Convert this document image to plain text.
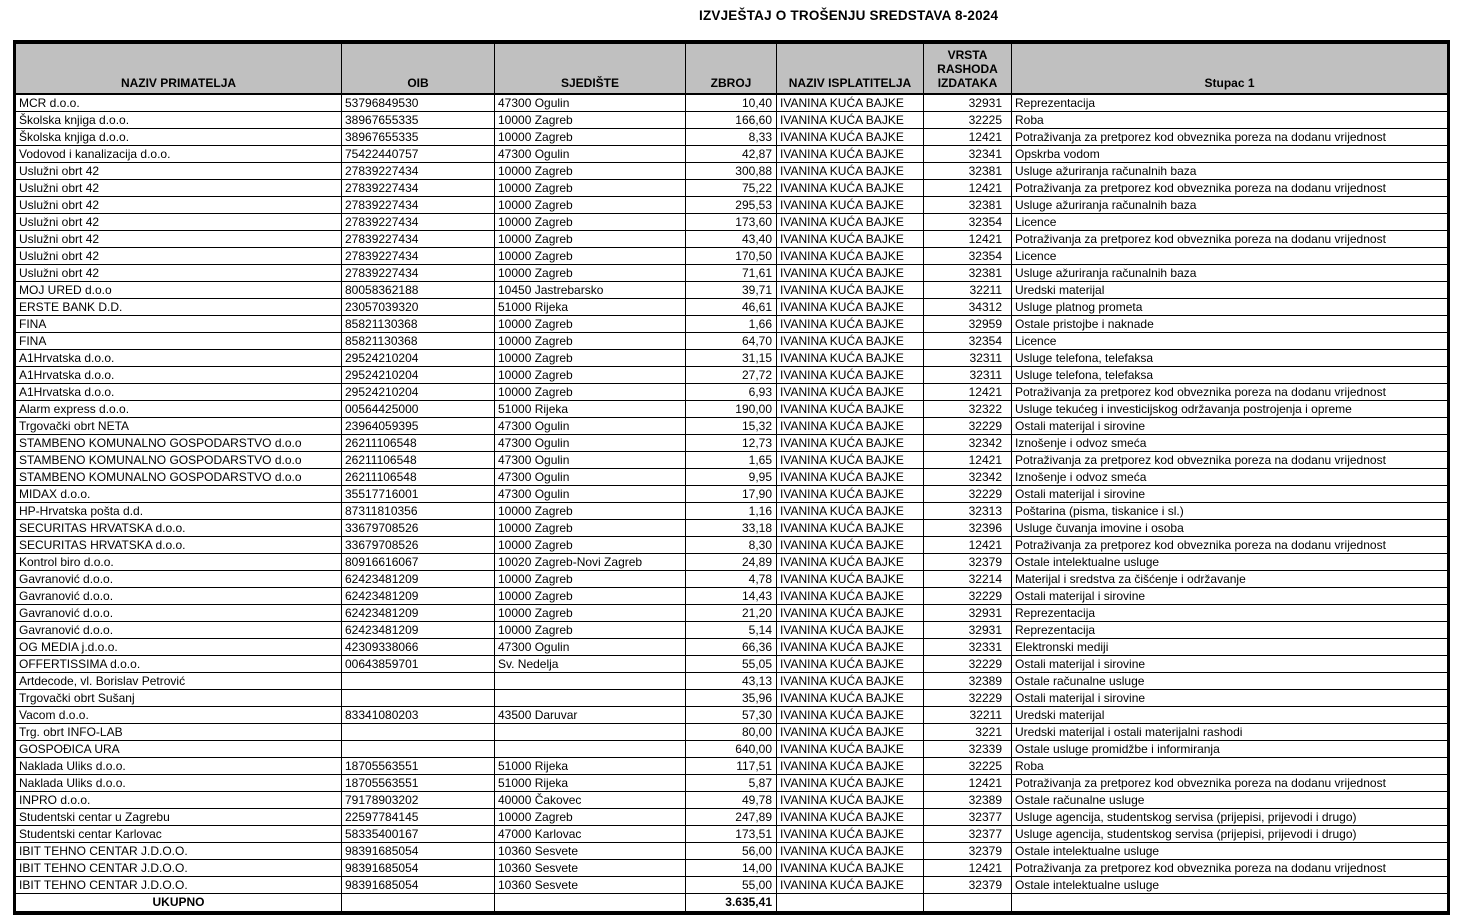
IZVJEŠTAJ O TROŠENJU SREDSTAVA 8-2024
NAZIV PRIMATELJA	OIB	SJEDIŠTE	ZBROJ	NAZIV ISPLATITELJA	VRSTA RASHODA IZDATAKA	Stupac 1
MCR d.o.o.	53796849530	47300 Ogulin	10,40	IVANINA KUĆA BAJKE	32931	Reprezentacija
Školska knjiga d.o.o.	38967655335	10000 Zagreb	166,60	IVANINA KUĆA BAJKE	32225	Roba
Školska knjiga d.o.o.	38967655335	10000 Zagreb	8,33	IVANINA KUĆA BAJKE	12421	Potraživanja za pretporez kod obveznika poreza na dodanu vrijednost
Vodovod i kanalizacija d.o.o.	75422440757	47300 Ogulin	42,87	IVANINA KUĆA BAJKE	32341	Opskrba vodom
Uslužni obrt 42	27839227434	10000 Zagreb	300,88	IVANINA KUĆA BAJKE	32381	Usluge ažuriranja računalnih baza
Uslužni obrt 42	27839227434	10000 Zagreb	75,22	IVANINA KUĆA BAJKE	12421	Potraživanja za pretporez kod obveznika poreza na dodanu vrijednost
Uslužni obrt 42	27839227434	10000 Zagreb	295,53	IVANINA KUĆA BAJKE	32381	Usluge ažuriranja računalnih baza
Uslužni obrt 42	27839227434	10000 Zagreb	173,60	IVANINA KUĆA BAJKE	32354	Licence
Uslužni obrt 42	27839227434	10000 Zagreb	43,40	IVANINA KUĆA BAJKE	12421	Potraživanja za pretporez kod obveznika poreza na dodanu vrijednost
Uslužni obrt 42	27839227434	10000 Zagreb	170,50	IVANINA KUĆA BAJKE	32354	Licence
Uslužni obrt 42	27839227434	10000 Zagreb	71,61	IVANINA KUĆA BAJKE	32381	Usluge ažuriranja računalnih baza
MOJ URED d.o.o	80058362188	10450 Jastrebarsko	39,71	IVANINA KUĆA BAJKE	32211	Uredski materijal
ERSTE BANK D.D.	23057039320	51000 Rijeka	46,61	IVANINA KUĆA BAJKE	34312	Usluge platnog prometa
FINA	85821130368	10000 Zagreb	1,66	IVANINA KUĆA BAJKE	32959	Ostale pristojbe i naknade
FINA	85821130368	10000 Zagreb	64,70	IVANINA KUĆA BAJKE	32354	Licence
A1Hrvatska d.o.o.	29524210204	10000 Zagreb	31,15	IVANINA KUĆA BAJKE	32311	Usluge telefona, telefaksa
A1Hrvatska d.o.o.	29524210204	10000 Zagreb	27,72	IVANINA KUĆA BAJKE	32311	Usluge telefona, telefaksa
A1Hrvatska d.o.o.	29524210204	10000 Zagreb	6,93	IVANINA KUĆA BAJKE	12421	Potraživanja za pretporez kod obveznika poreza na dodanu vrijednost
Alarm express d.o.o.	00564425000	51000 Rijeka	190,00	IVANINA KUĆA BAJKE	32322	Usluge tekućeg i investicijskog održavanja postrojenja i opreme
Trgovački obrt NETA	23964059395	47300 Ogulin	15,32	IVANINA KUĆA BAJKE	32229	Ostali materijal i sirovine
STAMBENO KOMUNALNO GOSPODARSTVO d.o.o	26211106548	47300 Ogulin	12,73	IVANINA KUĆA BAJKE	32342	Iznošenje i odvoz smeća
STAMBENO KOMUNALNO GOSPODARSTVO d.o.o	26211106548	47300 Ogulin	1,65	IVANINA KUĆA BAJKE	12421	Potraživanja za pretporez kod obveznika poreza na dodanu vrijednost
STAMBENO KOMUNALNO GOSPODARSTVO d.o.o	26211106548	47300 Ogulin	9,95	IVANINA KUĆA BAJKE	32342	Iznošenje i odvoz smeća
MIDAX d.o.o.	35517716001	47300 Ogulin	17,90	IVANINA KUĆA BAJKE	32229	Ostali materijal i sirovine
HP-Hrvatska pošta d.d.	87311810356	10000 Zagreb	1,16	IVANINA KUĆA BAJKE	32313	Poštarina (pisma, tiskanice i sl.)
SECURITAS HRVATSKA d.o.o.	33679708526	10000 Zagreb	33,18	IVANINA KUĆA BAJKE	32396	Usluge čuvanja imovine i osoba
SECURITAS HRVATSKA d.o.o.	33679708526	10000 Zagreb	8,30	IVANINA KUĆA BAJKE	12421	Potraživanja za pretporez kod obveznika poreza na dodanu vrijednost
Kontrol biro d.o.o.	80916616067	10020 Zagreb-Novi Zagreb	24,89	IVANINA KUĆA BAJKE	32379	Ostale intelektualne usluge
Gavranović d.o.o.	62423481209	10000 Zagreb	4,78	IVANINA KUĆA BAJKE	32214	Materijal i sredstva za čišćenje i održavanje
Gavranović d.o.o.	62423481209	10000 Zagreb	14,43	IVANINA KUĆA BAJKE	32229	Ostali materijal i sirovine
Gavranović d.o.o.	62423481209	10000 Zagreb	21,20	IVANINA KUĆA BAJKE	32931	Reprezentacija
Gavranović d.o.o.	62423481209	10000 Zagreb	5,14	IVANINA KUĆA BAJKE	32931	Reprezentacija
OG MEDIA j.d.o.o.	42309338066	47300 Ogulin	66,36	IVANINA KUĆA BAJKE	32331	Elektronski mediji
OFFERTISSIMA d.o.o.	00643859701	Sv. Nedelja	55,05	IVANINA KUĆA BAJKE	32229	Ostali materijal i sirovine
Artdecode, vl. Borislav Petrović			43,13	IVANINA KUĆA BAJKE	32389	Ostale računalne usluge
Trgovački obrt Sušanj			35,96	IVANINA KUĆA BAJKE	32229	Ostali materijal i sirovine
Vacom d.o.o.	83341080203	43500 Daruvar	57,30	IVANINA KUĆA BAJKE	32211	Uredski materijal
Trg. obrt INFO-LAB			80,00	IVANINA KUĆA BAJKE	3221	Uredski materijal i ostali materijalni rashodi
GOSPOĐICA URA			640,00	IVANINA KUĆA BAJKE	32339	Ostale usluge promidžbe i informiranja
Naklada Uliks d.o.o.	18705563551	51000 Rijeka	117,51	IVANINA KUĆA BAJKE	32225	Roba
Naklada Uliks d.o.o.	18705563551	51000 Rijeka	5,87	IVANINA KUĆA BAJKE	12421	Potraživanja za pretporez kod obveznika poreza na dodanu vrijednost
INPRO d.o.o.	79178903202	40000 Čakovec	49,78	IVANINA KUĆA BAJKE	32389	Ostale računalne usluge
Studentski centar u Zagrebu	22597784145	10000 Zagreb	247,89	IVANINA KUĆA BAJKE	32377	Usluge agencija, studentskog servisa (prijepisi, prijevodi i drugo)
Studentski centar Karlovac	58335400167	47000 Karlovac	173,51	IVANINA KUĆA BAJKE	32377	Usluge agencija, studentskog servisa (prijepisi, prijevodi i drugo)
IBIT TEHNO CENTAR J.D.O.O.	98391685054	10360 Sesvete	56,00	IVANINA KUĆA BAJKE	32379	Ostale intelektualne usluge
IBIT TEHNO CENTAR J.D.O.O.	98391685054	10360 Sesvete	14,00	IVANINA KUĆA BAJKE	12421	Potraživanja za pretporez kod obveznika poreza na dodanu vrijednost
IBIT TEHNO CENTAR J.D.O.O.	98391685054	10360 Sesvete	55,00	IVANINA KUĆA BAJKE	32379	Ostale intelektualne usluge
UKUPNO			3.635,41			
